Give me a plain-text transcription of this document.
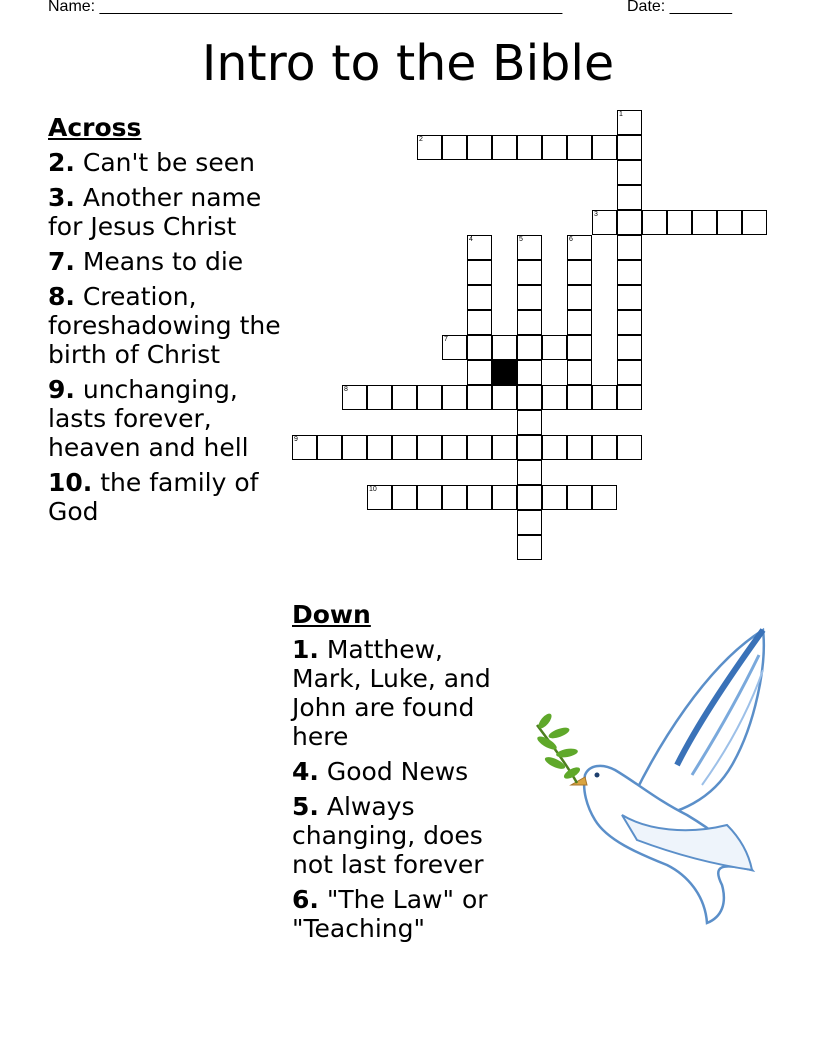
Name: ____________________________________________________	Date: _______
Intro to the Bible
Across
2. Can't be seen
3. Another name for Jesus Christ
7. Means to die
8. Creation, foreshadowing the birth of Christ
9. unchanging, lasts forever, heaven and hell
10. the family of God
Down
1. Matthew, Mark, Luke, and John are found here
4. Good News
5. Always changing, does not last forever
6. "The Law" or "Teaching"
1
2
3
4	5	6
7
8
9
10
